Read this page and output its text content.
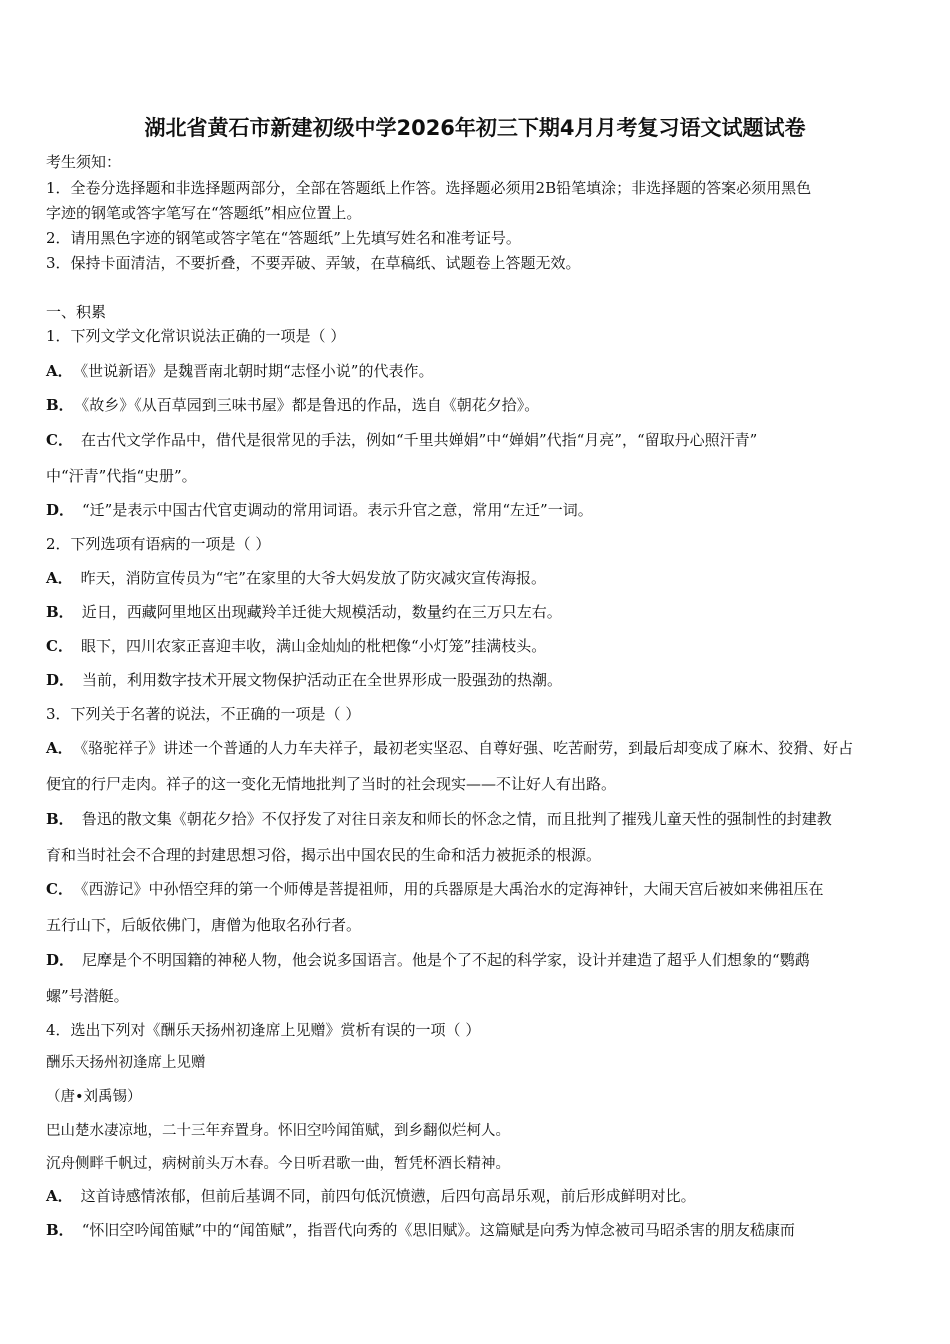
湖北省黄石市新建初级中学2026年初三下期4月月考复习语文试题试卷
考生须知：
1．全卷分选择题和非选择题两部分，全部在答题纸上作答。选择题必须用2B铅笔填涂；非选择题的答案必须用黑色
字迹的钢笔或答字笔写在“答题纸”相应位置上。
2．请用黑色字迹的钢笔或答字笔在“答题纸”上先填写姓名和准考证号。
3．保持卡面清洁，不要折叠，不要弄破、弄皱，在草稿纸、试题卷上答题无效。
一、积累
1．下列文学文化常识说法正确的一项是（ ）
A． 《世说新语》是魏晋南北朝时期“志怪小说”的代表作。
B． 《故乡》《从百草园到三味书屋》都是鲁迅的作品，选自《朝花夕拾》。
C． 在古代文学作品中，借代是很常见的手法，例如“千里共婵娟”中“婵娟”代指“月亮”，“留取丹心照汗青”
中“汗青”代指“史册”。
D． “迁”是表示中国古代官吏调动的常用词语。表示升官之意，常用“左迁”一词。
2．下列选项有语病的一项是（ ）
A． 昨天，消防宣传员为“宅”在家里的大爷大妈发放了防灾减灾宣传海报。
B． 近日，西藏阿里地区出现藏羚羊迁徙大规模活动，数量约在三万只左右。
C． 眼下，四川农家正喜迎丰收，满山金灿灿的枇杷像“小灯笼”挂满枝头。
D． 当前，利用数字技术开展文物保护活动正在全世界形成一股强劲的热潮。
3．下列关于名著的说法，不正确的一项是（ ）
A． 《骆驼祥子》讲述一个普通的人力车夫祥子，最初老实坚忍、自尊好强、吃苦耐劳，到最后却变成了麻木、狡猾、好占
便宜的行尸走肉。祥子的这一变化无情地批判了当时的社会现实——不让好人有出路。
B． 鲁迅的散文集《朝花夕拾》不仅抒发了对往日亲友和师长的怀念之情，而且批判了摧残儿童天性的强制性的封建教
育和当时社会不合理的封建思想习俗，揭示出中国农民的生命和活力被扼杀的根源。
C． 《西游记》中孙悟空拜的第一个师傅是菩提祖师，用的兵器原是大禹治水的定海神针，大闹天宫后被如来佛祖压在
五行山下，后皈依佛门，唐僧为他取名孙行者。
D． 尼摩是个不明国籍的神秘人物，他会说多国语言。他是个了不起的科学家，设计并建造了超乎人们想象的“鹦鹉
螺”号潜艇。
4．选出下列对《酬乐天扬州初逢席上见赠》赏析有误的一项（ ）
酬乐天扬州初逢席上见赠
（唐•刘禹锡）
巴山楚水凄凉地，二十三年弃置身。怀旧空吟闻笛赋，到乡翻似烂柯人。
沉舟侧畔千帆过，病树前头万木春。今日听君歌一曲，暂凭杯酒长精神。
A． 这首诗感情浓郁，但前后基调不同，前四句低沉愤懑，后四句高昂乐观，前后形成鲜明对比。
B． “怀旧空吟闻笛赋”中的“闻笛赋”，指晋代向秀的《思旧赋》。这篇赋是向秀为悼念被司马昭杀害的朋友嵇康而
